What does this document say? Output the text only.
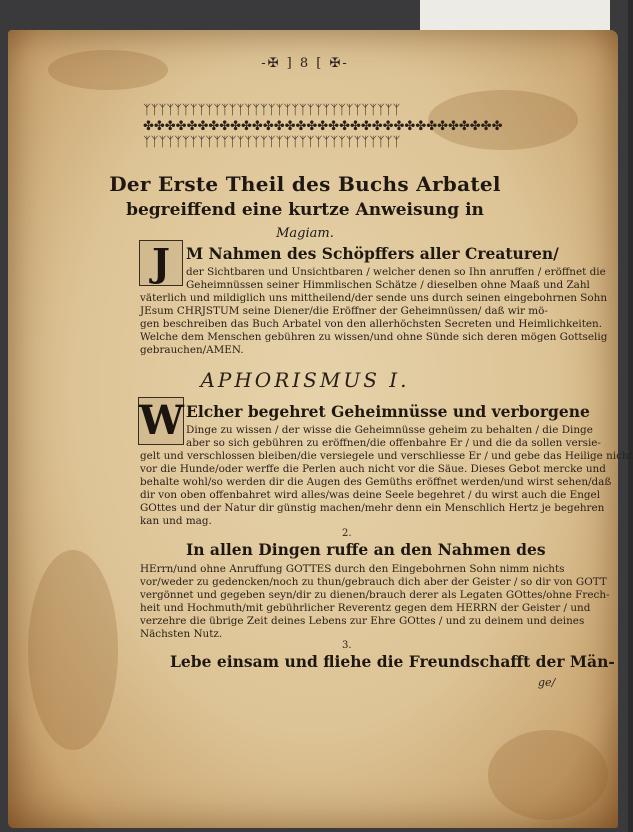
-✠ ] 8 [ ✠-
ᛉᛉᛉᛉᛉᛉᛉᛉᛉᛉᛉᛉᛉᛉᛉᛉᛉᛉᛉᛉᛉᛉᛉᛉᛉᛉᛉᛉᛉᛉᛉᛉᛉ
✤✤✤✤✤✤✤✤✤✤✤✤✤✤✤✤✤✤✤✤✤✤✤✤✤✤✤✤✤✤✤✤✤
ᛉᛉᛉᛉᛉᛉᛉᛉᛉᛉᛉᛉᛉᛉᛉᛉᛉᛉᛉᛉᛉᛉᛉᛉᛉᛉᛉᛉᛉᛉᛉᛉᛉ
Der Erste Theil des Buchs Arbatel
begreiffend eine kurtze Anweisung in
Magiam.
J	M Nahmen des Schöpffers aller Creaturen/
der Sichtbaren und Unsichtbaren / welcher denen so Ihn anruffen / eröffnet die
Geheimnüssen seiner Himmlischen Schätze / dieselben ohne Maaß und Zahl
väterlich und mildiglich uns mittheilend/der sende uns durch seinen eingebohrnen Sohn
JEsum CHRJSTUM seine Diener/die Eröffner der Geheimnüssen/ daß wir mö-
gen beschreiben das Buch Arbatel von den allerhöchsten Secreten und Heimlichkeiten.
Welche dem Menschen gebühren zu wissen/und ohne Sünde sich deren mögen Gottselig
gebrauchen/AMEN.
APHORISMUS I.
W Elcher begehret Geheimnüsse und verborgene
Dinge zu wissen / der wisse die Geheimnüsse geheim zu behalten / die Dinge
aber so sich gebühren zu eröffnen/die offenbahre Er / und die da sollen versie-
gelt und verschlossen bleiben/die versiegele und verschliesse Er / und gebe das Heilige nicht
vor die Hunde/oder werffe die Perlen auch nicht vor die Säue. Dieses Gebot mercke und
behalte wohl/so werden dir die Augen des Gemüths eröffnet werden/und wirst sehen/daß
dir von oben offenbahret wird alles/was deine Seele begehret / du wirst auch die Engel
GOttes und der Natur dir günstig machen/mehr denn ein Menschlich Hertz je begehren
kan und mag.
2.
In allen Dingen ruffe an den Nahmen des
HErrn/und ohne Anruffung GOTTES durch den Eingebohrnen Sohn nimm nichts
vor/weder zu gedencken/noch zu thun/gebrauch dich aber der Geister / so dir von GOTT
vergönnet und gegeben seyn/dir zu dienen/brauch derer als Legaten GOttes/ohne Frech-
heit und Hochmuth/mit gebührlicher Reverentz gegen dem HERRN der Geister / und
verzehre die übrige Zeit deines Lebens zur Ehre GOttes / und zu deinem und deines
Nächsten Nutz.
3.
Lebe einsam und fliehe die Freundschafft der Män-
ge/
